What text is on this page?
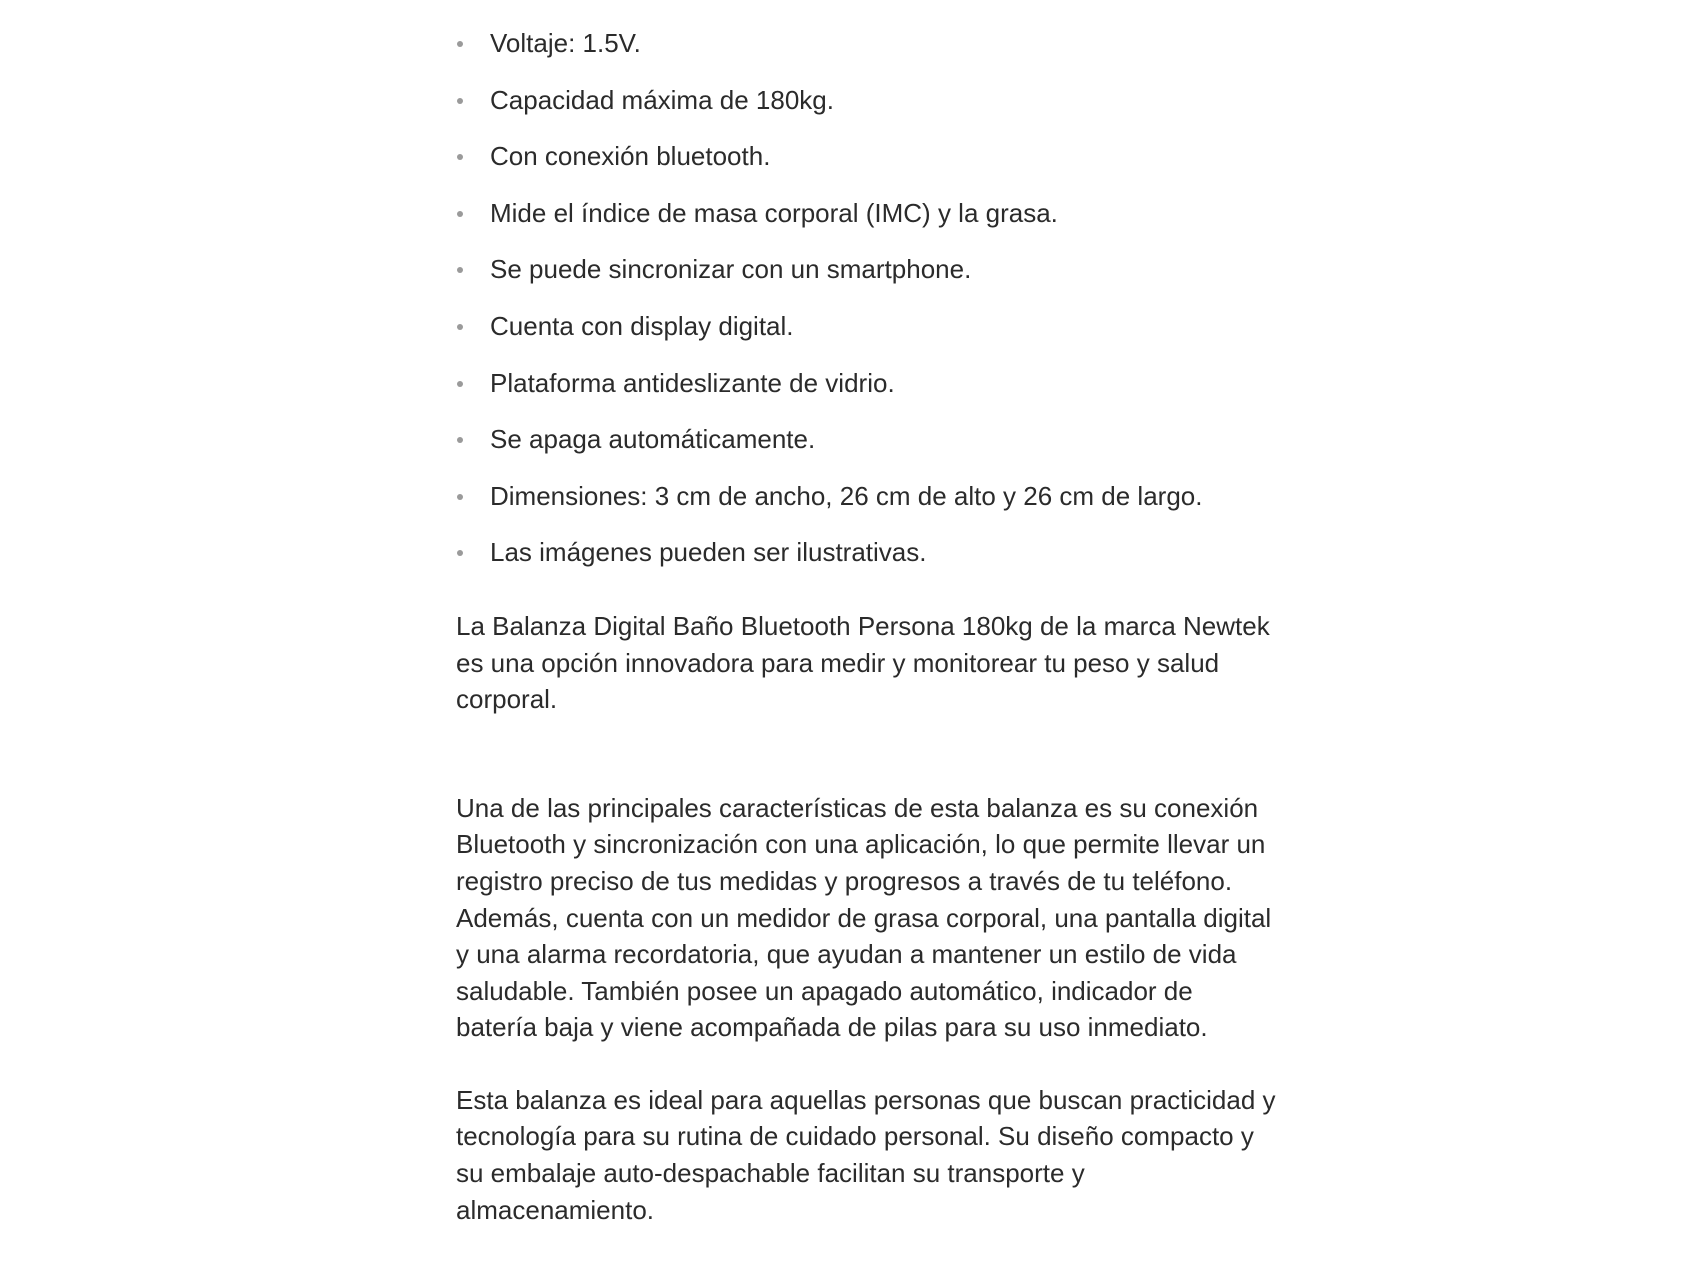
Voltaje: 1.5V.
Capacidad máxima de 180kg.
Con conexión bluetooth.
Mide el índice de masa corporal (IMC) y la grasa.
Se puede sincronizar con un smartphone.
Cuenta con display digital.
Plataforma antideslizante de vidrio.
Se apaga automáticamente.
Dimensiones: 3 cm de ancho, 26 cm de alto y 26 cm de largo.
Las imágenes pueden ser ilustrativas.

La Balanza Digital Baño Bluetooth Persona 180kg de la marca Newtek es una opción innovadora para medir y monitorear tu peso y salud corporal.

Una de las principales características de esta balanza es su conexión Bluetooth y sincronización con una aplicación, lo que permite llevar un registro preciso de tus medidas y progresos a través de tu teléfono. Además, cuenta con un medidor de grasa corporal, una pantalla digital y una alarma recordatoria, que ayudan a mantener un estilo de vida saludable. También posee un apagado automático, indicador de batería baja y viene acompañada de pilas para su uso inmediato.

Esta balanza es ideal para aquellas personas que buscan practicidad y tecnología para su rutina de cuidado personal. Su diseño compacto y su embalaje auto-despachable facilitan su transporte y almacenamiento.
